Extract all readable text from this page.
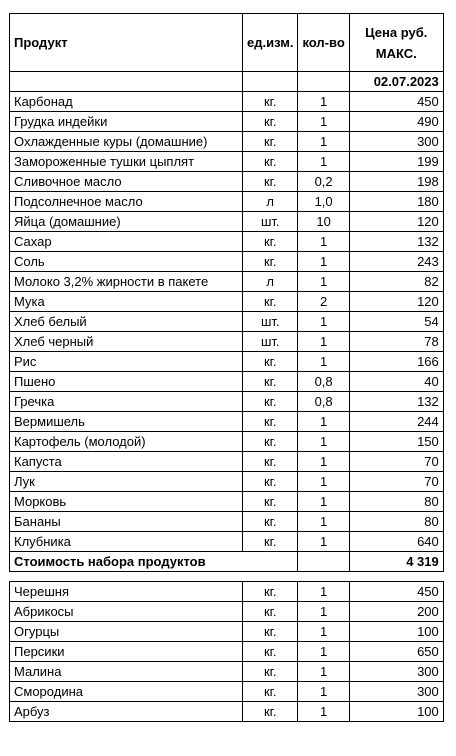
Продукт	ед.изм.	кол-во	Цена руб.
МАКС.
			02.07.2023
Карбонад	кг.	1	450
Грудка индейки	кг.	1	490
Охлажденные куры (домашние)	кг.	1	300
Замороженные тушки цыплят	кг.	1	199
Сливочное масло	кг.	0,2	198
Подсолнечное масло	л	1,0	180
Яйца (домашние)	шт.	10	120
Сахар	кг.	1	132
Соль	кг.	1	243
Молоко 3,2% жирности в пакете	л	1	82
Мука	кг.	2	120
Хлеб белый	шт.	1	54
Хлеб черный	шт.	1	78
Рис	кг.	1	166
Пшено	кг.	0,8	40
Гречка	кг.	0,8	132
Вермишель	кг.	1	244
Картофель (молодой)	кг.	1	150
Капуста	кг.	1	70
Лук	кг.	1	70
Морковь	кг.	1	80
Бананы	кг.	1	80
Клубника	кг.	1	640
Стоимость набора продуктов			4 319

Черешня	кг.	1	450
Абрикосы	кг.	1	200
Огурцы	кг.	1	100
Персики	кг.	1	650
Малина	кг.	1	300
Смородина	кг.	1	300
Арбуз	кг.	1	100
